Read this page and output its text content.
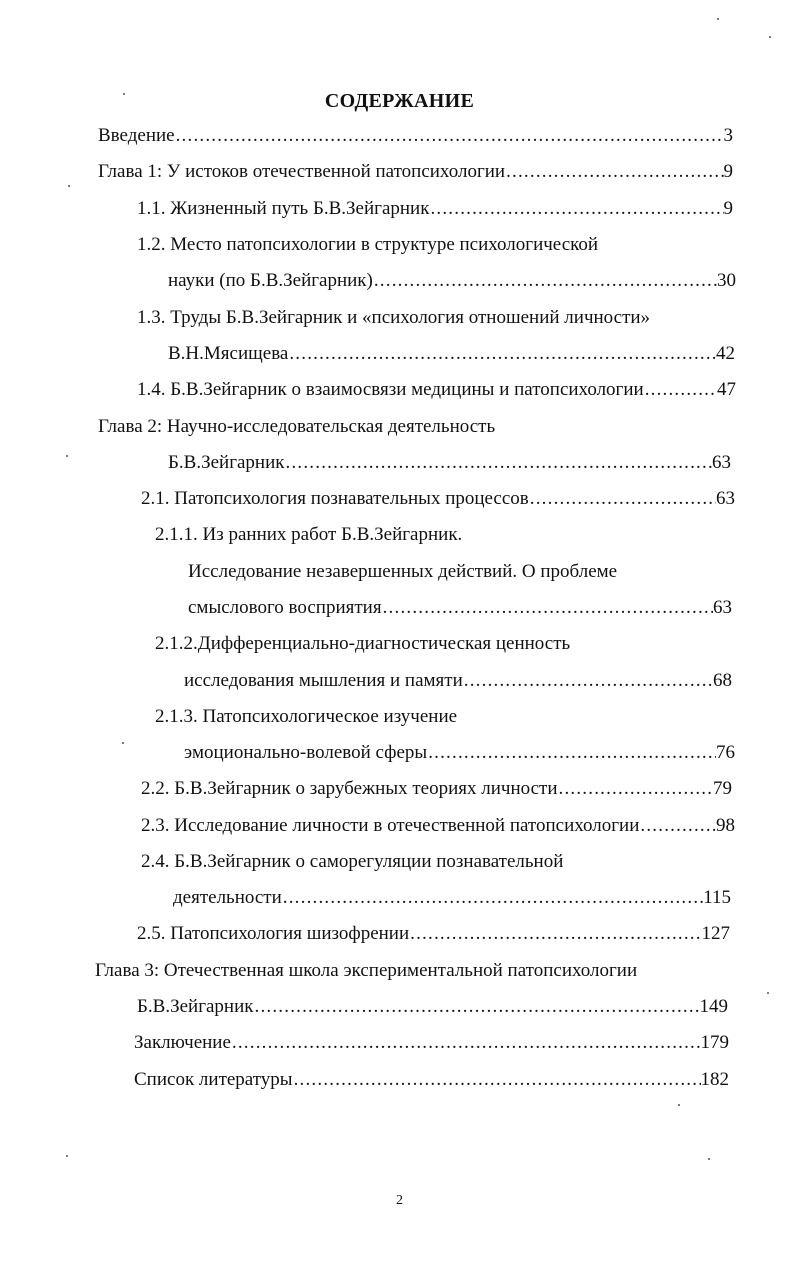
СОДЕРЖАНИЕ
Введение .....	3
Глава 1: У истоков отечественной патопсихологии .....	9
1.1. Жизненный путь Б.В.Зейгарник .....	9
1.2. Место патопсихологии в структуре психологической
науки (по Б.В.Зейгарник) .....	30
1.3. Труды Б.В.Зейгарник и «психология отношений личности»
В.Н.Мясищева .....	42
1.4. Б.В.Зейгарник о взаимосвязи медицины и патопсихологии .....	47
Глава 2: Научно-исследовательская деятельность
Б.В.Зейгарник .....	63
2.1. Патопсихология познавательных процессов .....	63
2.1.1. Из ранних работ Б.В.Зейгарник.
Исследование незавершенных действий. О проблеме
смыслового восприятия .....	63
2.1.2.Дифференциально-диагностическая ценность
исследования мышления и памяти .....	68
2.1.3. Патопсихологическое изучение
эмоционально-волевой сферы .....	76
2.2. Б.В.Зейгарник о зарубежных теориях личности .....	79
2.3. Исследование личности в отечественной патопсихологии .....	98
2.4. Б.В.Зейгарник о саморегуляции познавательной
деятельности .....	115
2.5. Патопсихология шизофрении .....	127
Глава 3: Отечественная школа экспериментальной патопсихологии
Б.В.Зейгарник .....	149
Заключение .....	179
Список литературы .....	182
2
